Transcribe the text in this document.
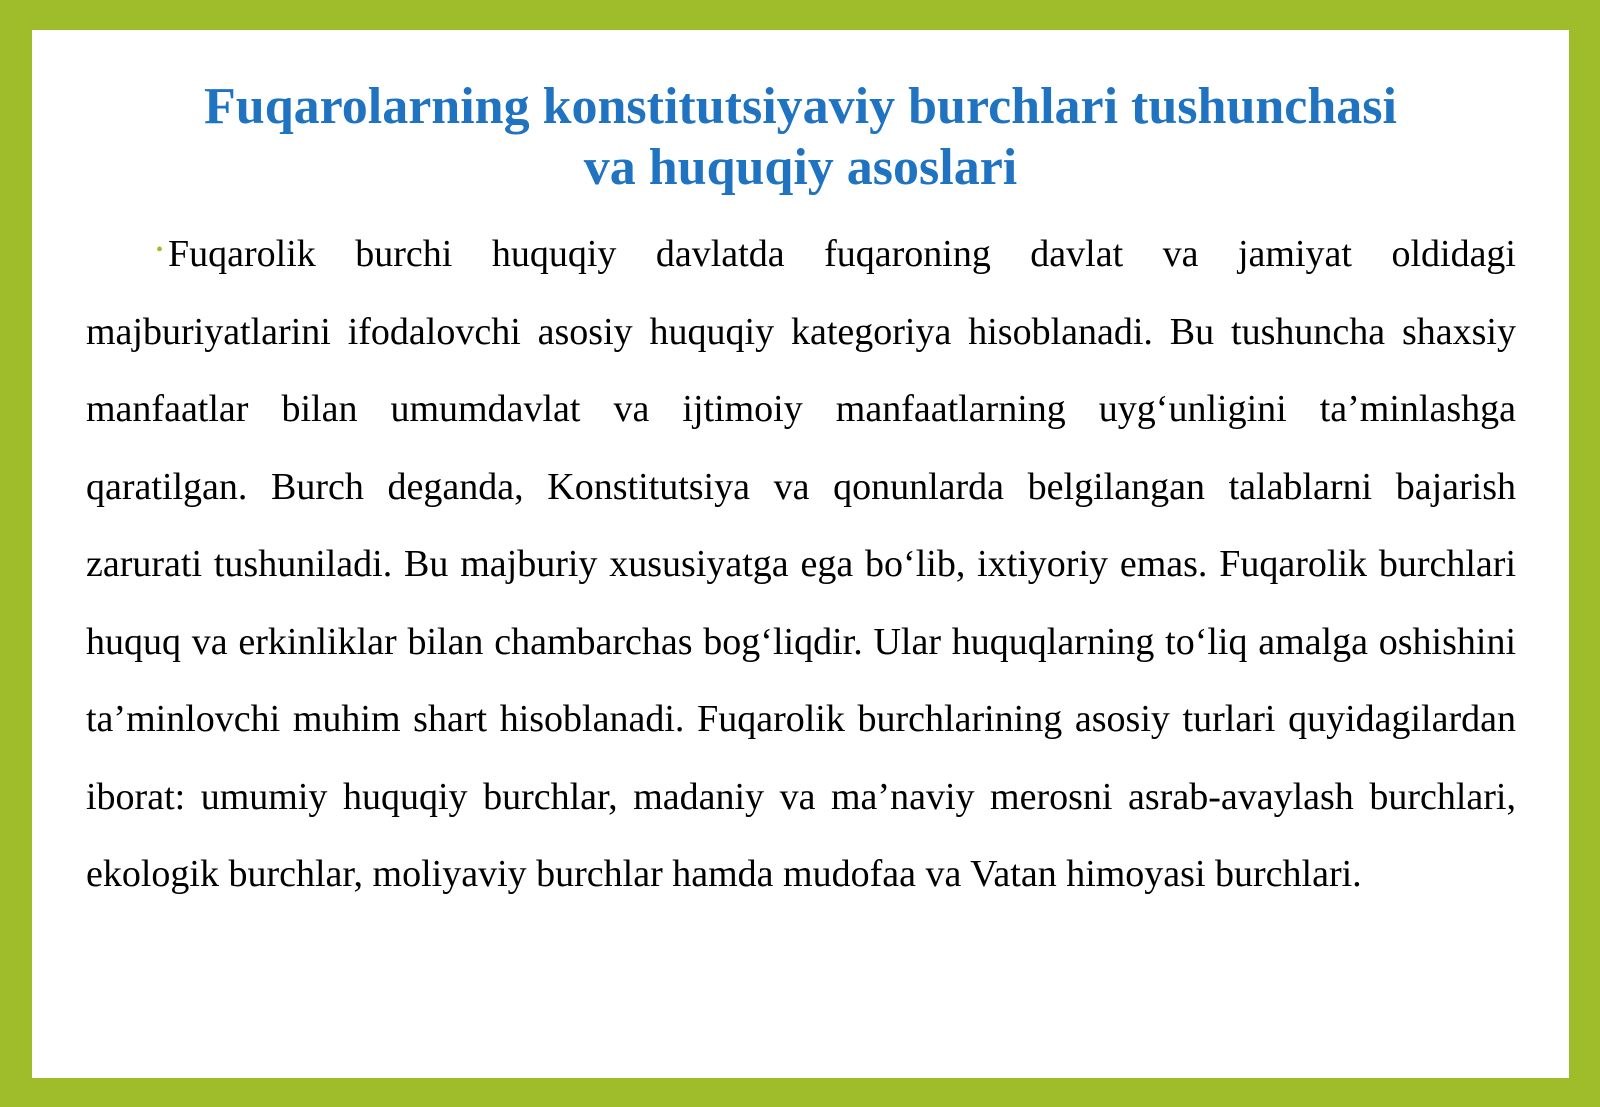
Fuqarolarning konstitutsiyaviy burchlari tushunchasi
va huquqiy asoslari

• Fuqarolik burchi huquqiy davlatda fuqaroning davlat va jamiyat oldidagi majburiyatlarini ifodalovchi asosiy huquqiy kategoriya hisoblanadi. Bu tushuncha shaxsiy manfaatlar bilan umumdavlat va ijtimoiy manfaatlarning uyg‘unligini ta’minlashga qaratilgan. Burch deganda, Konstitutsiya va qonunlarda belgilangan talablarni bajarish zarurati tushuniladi. Bu majburiy xususiyatga ega bo‘lib, ixtiyoriy emas. Fuqarolik burchlari huquq va erkinliklar bilan chambarchas bog‘liqdir. Ular huquqlarning to‘liq amalga oshishini ta’minlovchi muhim shart hisoblanadi. Fuqarolik burchlarining asosiy turlari quyidagilardan iborat: umumiy huquqiy burchlar, madaniy va ma’naviy merosni asrab-avaylash burchlari, ekologik burchlar, moliyaviy burchlar hamda mudofaa va Vatan himoyasi burchlari.
